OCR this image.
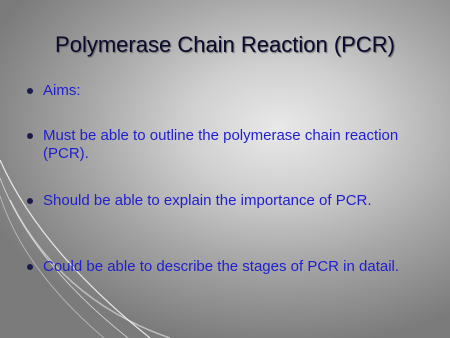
Polymerase Chain Reaction (PCR)
Aims:
Must be able to outline the polymerase chain reaction (PCR).
Should be able to explain the importance of PCR.
Could be able to describe the stages of PCR in datail.
